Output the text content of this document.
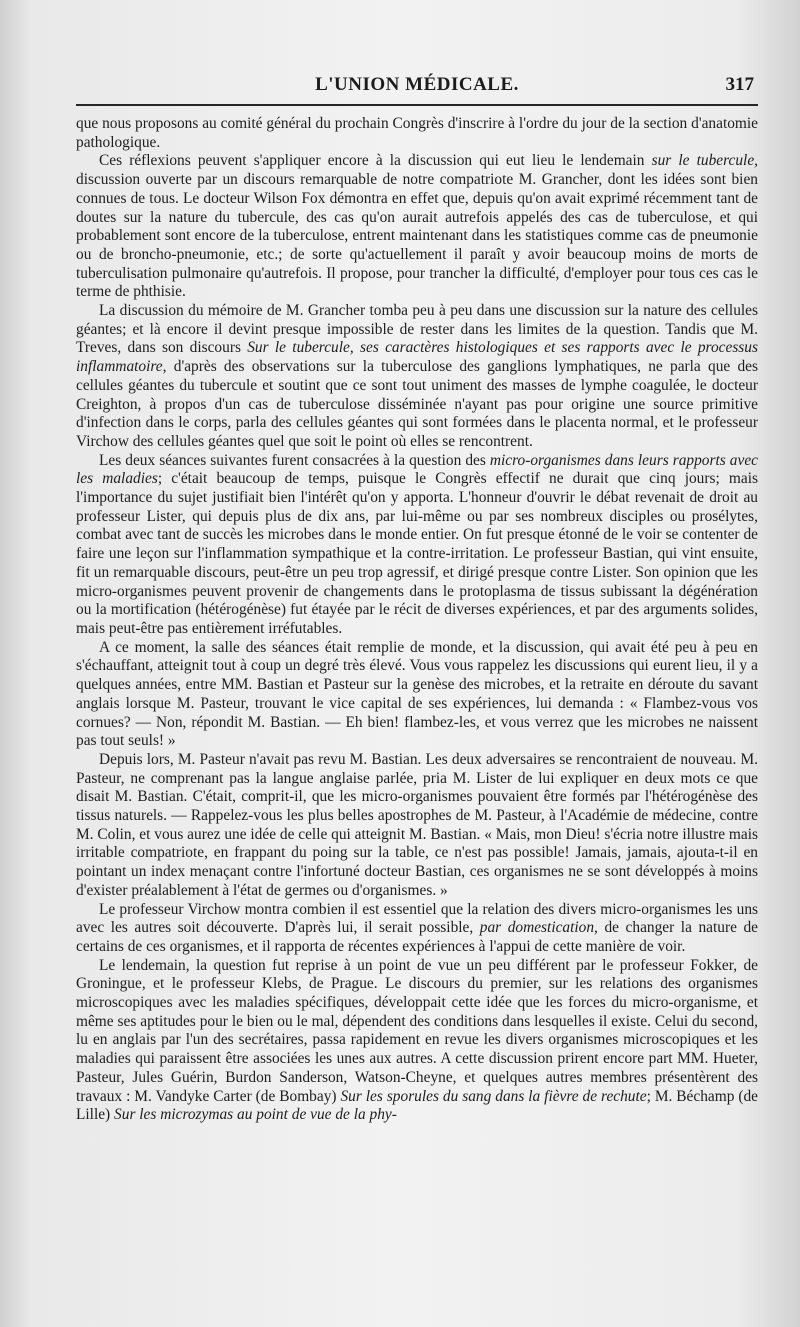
L'UNION MÉDICALE.	317

que nous proposons au comité général du prochain Congrès d'inscrire à l'ordre du jour de la section d'anatomie pathologique.

Ces réflexions peuvent s'appliquer encore à la discussion qui eut lieu le lendemain sur le tubercule, discussion ouverte par un discours remarquable de notre compatriote M. Grancher, dont les idées sont bien connues de tous. Le docteur Wilson Fox démontra en effet que, depuis qu'on avait exprimé récemment tant de doutes sur la nature du tubercule, des cas qu'on aurait autrefois appelés des cas de tuberculose, et qui probablement sont encore de la tuberculose, entrent maintenant dans les statistiques comme cas de pneumonie ou de broncho-pneumonie, etc.; de sorte qu'actuellement il paraît y avoir beaucoup moins de morts de tuberculisation pulmonaire qu'autrefois. Il propose, pour trancher la difficulté, d'employer pour tous ces cas le terme de phthisie.

La discussion du mémoire de M. Grancher tomba peu à peu dans une discussion sur la nature des cellules géantes; et là encore il devint presque impossible de rester dans les limites de la question. Tandis que M. Treves, dans son discours Sur le tubercule, ses caractères histologiques et ses rapports avec le processus inflammatoire, d'après des observations sur la tuberculose des ganglions lymphatiques, ne parla que des cellules géantes du tubercule et soutint que ce sont tout uniment des masses de lymphe coagulée, le docteur Creighton, à propos d'un cas de tuberculose disséminée n'ayant pas pour origine une source primitive d'infection dans le corps, parla des cellules géantes qui sont formées dans le placenta normal, et le professeur Virchow des cellules géantes quel que soit le point où elles se rencontrent.

Les deux séances suivantes furent consacrées à la question des micro-organismes dans leurs rapports avec les maladies; c'était beaucoup de temps, puisque le Congrès effectif ne durait que cinq jours; mais l'importance du sujet justifiait bien l'intérêt qu'on y apporta. L'honneur d'ouvrir le débat revenait de droit au professeur Lister, qui depuis plus de dix ans, par lui-même ou par ses nombreux disciples ou prosélytes, combat avec tant de succès les microbes dans le monde entier. On fut presque étonné de le voir se contenter de faire une leçon sur l'inflammation sympathique et la contre-irritation. Le professeur Bastian, qui vint ensuite, fit un remarquable discours, peut-être un peu trop agressif, et dirigé presque contre Lister. Son opinion que les micro-organismes peuvent provenir de changements dans le protoplasma de tissus subissant la dégénération ou la mortification (hétérogénèse) fut étayée par le récit de diverses expériences, et par des arguments solides, mais peut-être pas entièrement irréfutables.

A ce moment, la salle des séances était remplie de monde, et la discussion, qui avait été peu à peu en s'échauffant, atteignit tout à coup un degré très élevé. Vous vous rappelez les discussions qui eurent lieu, il y a quelques années, entre MM. Bastian et Pasteur sur la genèse des microbes, et la retraite en déroute du savant anglais lorsque M. Pasteur, trouvant le vice capital de ses expériences, lui demanda : « Flambez-vous vos cornues? — Non, répondit M. Bastian. — Eh bien! flambez-les, et vous verrez que les microbes ne naissent pas tout seuls! »

Depuis lors, M. Pasteur n'avait pas revu M. Bastian. Les deux adversaires se rencontraient de nouveau. M. Pasteur, ne comprenant pas la langue anglaise parlée, pria M. Lister de lui expliquer en deux mots ce que disait M. Bastian. C'était, comprit-il, que les micro-organismes pouvaient être formés par l'hétérogénèse des tissus naturels. — Rappelez-vous les plus belles apostrophes de M. Pasteur, à l'Académie de médecine, contre M. Colin, et vous aurez une idée de celle qui atteignit M. Bastian. « Mais, mon Dieu! s'écria notre illustre mais irritable compatriote, en frappant du poing sur la table, ce n'est pas possible! Jamais, jamais, ajouta-t-il en pointant un index menaçant contre l'infortuné docteur Bastian, ces organismes ne se sont développés à moins d'exister préalablement à l'état de germes ou d'organismes. »

Le professeur Virchow montra combien il est essentiel que la relation des divers micro-organismes les uns avec les autres soit découverte. D'après lui, il serait possible, par domestication, de changer la nature de certains de ces organismes, et il rapporta de récentes expériences à l'appui de cette manière de voir.

Le lendemain, la question fut reprise à un point de vue un peu différent par le professeur Fokker, de Groningue, et le professeur Klebs, de Prague. Le discours du premier, sur les relations des organismes microscopiques avec les maladies spécifiques, développait cette idée que les forces du micro-organisme, et même ses aptitudes pour le bien ou le mal, dépendent des conditions dans lesquelles il existe. Celui du second, lu en anglais par l'un des secrétaires, passa rapidement en revue les divers organismes microscopiques et les maladies qui paraissent être associées les unes aux autres. A cette discussion prirent encore part MM. Hueter, Pasteur, Jules Guérin, Burdon Sanderson, Watson-Cheyne, et quelques autres membres présentèrent des travaux : M. Vandyke Carter (de Bombay) Sur les sporules du sang dans la fièvre de rechute; M. Béchamp (de Lille) Sur les microzymas au point de vue de la phy-
